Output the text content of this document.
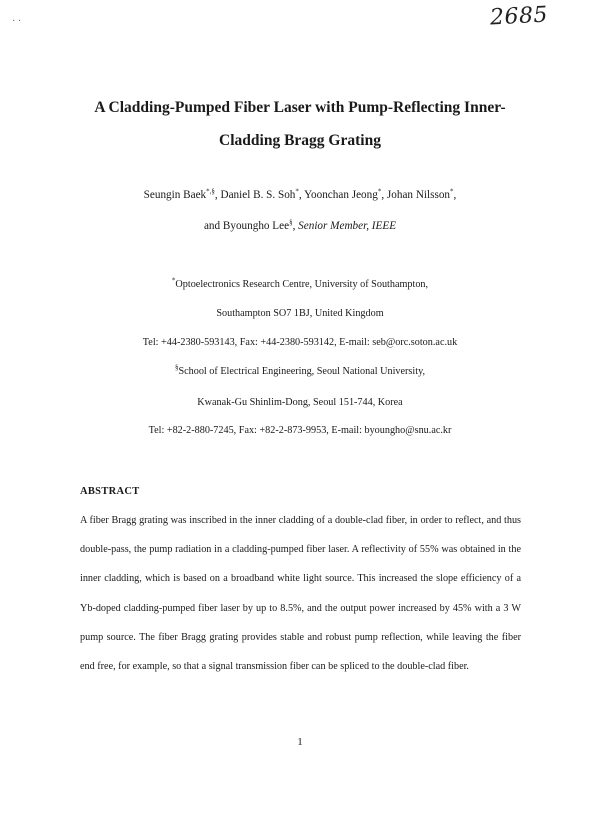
2685
· ·
A Cladding-Pumped Fiber Laser with Pump-Reflecting Inner-
Cladding Bragg Grating
Seungin Baek*,§, Daniel B. S. Soh*, Yoonchan Jeong*, Johan Nilsson*,
and Byoungho Lee§, Senior Member, IEEE
*Optoelectronics Research Centre, University of Southampton,
Southampton SO7 1BJ, United Kingdom
Tel: +44-2380-593143, Fax: +44-2380-593142, E-mail: seb@orc.soton.ac.uk
§School of Electrical Engineering, Seoul National University,
Kwanak-Gu Shinlim-Dong, Seoul 151-744, Korea
Tel: +82-2-880-7245, Fax: +82-2-873-9953, E-mail: byoungho@snu.ac.kr
ABSTRACT
A fiber Bragg grating was inscribed in the inner cladding of a double-clad fiber, in order to reflect, and thus double-pass, the pump radiation in a cladding-pumped fiber laser. A reflectivity of 55% was obtained in the inner cladding, which is based on a broadband white light source. This increased the slope efficiency of a Yb-doped cladding-pumped fiber laser by up to 8.5%, and the output power increased by 45% with a 3 W pump source. The fiber Bragg grating provides stable and robust pump reflection, while leaving the fiber end free, for example, so that a signal transmission fiber can be spliced to the double-clad fiber.
1
